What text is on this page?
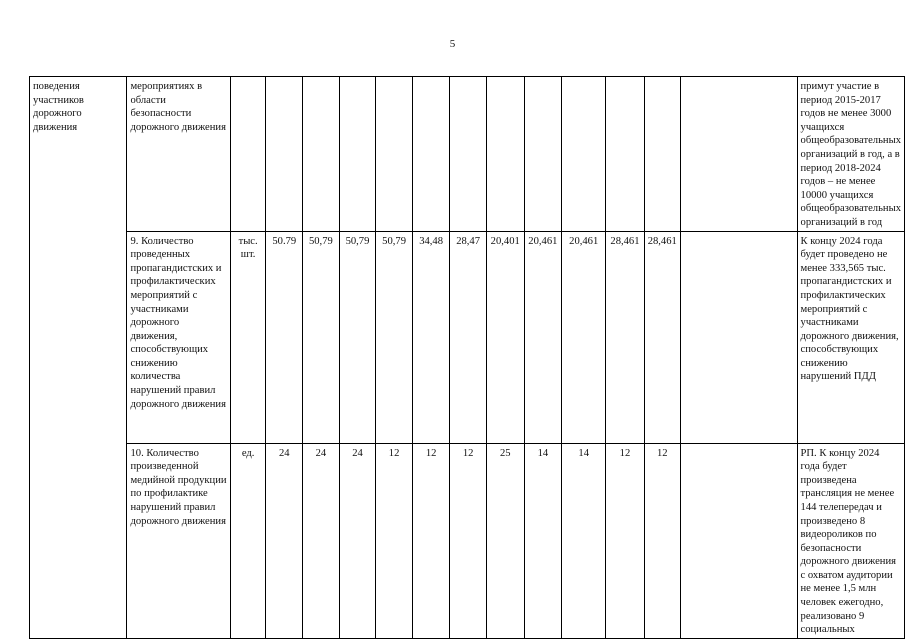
5
поведения участников дорожного движения	мероприятиях в области безопасности дорожного движения														примут участие в период 2015-2017 годов не менее 3000 учащихся общеобразовательных организаций в год, а в период 2018-2024 годов – не менее 10000 учащихся общеобразовательных организаций в год
	9. Количество проведенных пропагандистских и профилактических мероприятий с участниками дорожного движения, способствующих снижению количества нарушений правил дорожного движения	тыс. шт.	50.79	50,79	50,79	50,79	34,48	28,47	20,401	20,461	20,461	28,461	28,461		К концу 2024 года будет проведено не менее 333,565 тыс. пропагандистских и профилактических мероприятий с участниками дорожного движения, способствующих снижению нарушений ПДД
	10. Количество произведенной медийной продукции по профилактике нарушений правил дорожного движения	ед.	24	24	24	12	12	12	25	14	14	12	12		РП. К концу 2024 года будет произведена трансляция не менее 144 телепередач и произведено 8 видеороликов по безопасности дорожного движения с охватом аудитории не менее 1,5 млн человек ежегодно, реализовано 9 социальных
